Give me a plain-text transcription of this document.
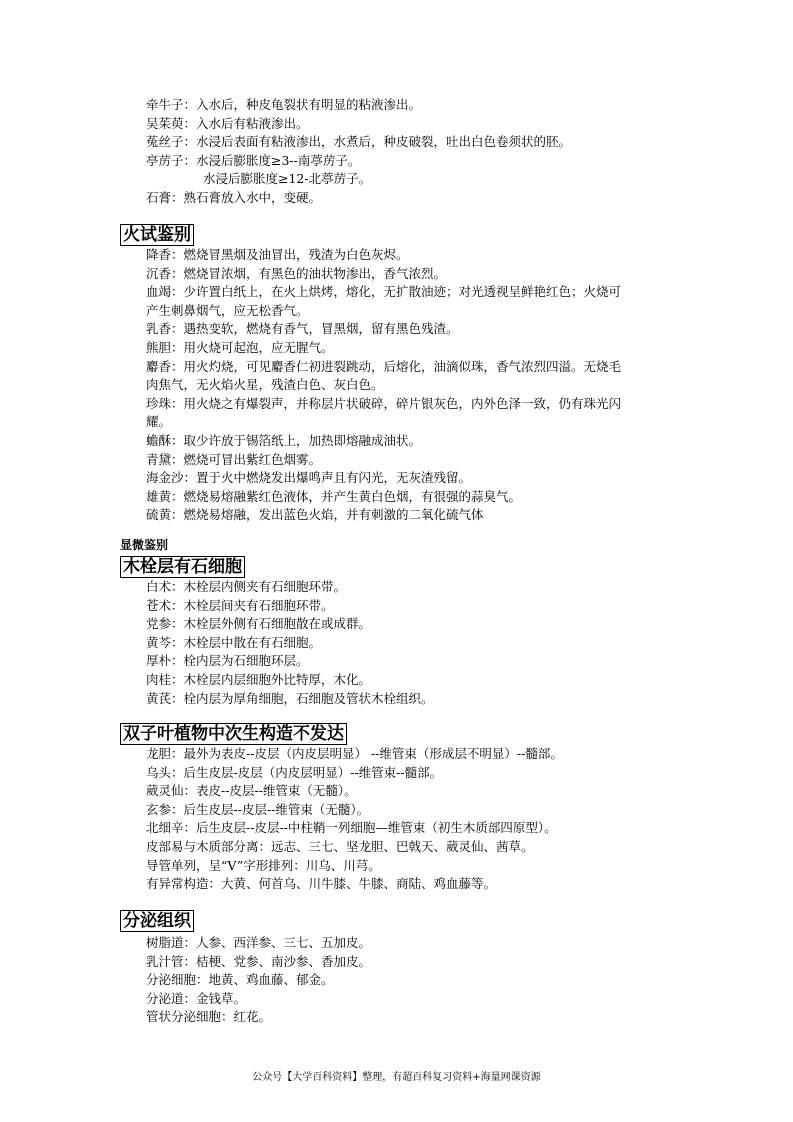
牵牛子：入水后，种皮龟裂状有明显的粘液渗出。
吴茱萸：入水后有粘液渗出。
菟丝子：水浸后表面有粘液渗出，水煮后，种皮破裂，吐出白色卷须状的胚。
亭苈子：水浸后膨胀度≥3--南葶苈子。
水浸后膨胀度≥12-北葶苈子。
石膏：熟石膏放入水中，变硬。
火试鉴别
降香：燃烧冒黑烟及油冒出，残渣为白色灰烬。
沉香：燃烧冒浓烟，有黑色的油状物渗出，香气浓烈。
血竭：少许置白纸上，在火上烘烤，熔化，无扩散油迹；对光透视呈鲜艳红色；火烧可
产生刺鼻烟气，应无松香气。
乳香：遇热变软，燃烧有香气，冒黑烟，留有黑色残渣。
熊胆：用火烧可起泡，应无腥气。
麝香：用火灼烧，可见麝香仁初进裂跳动，后熔化，油滴似珠，香气浓烈四溢。无烧毛
肉焦气，无火焰火星，残渣白色、灰白色。
珍珠：用火烧之有爆裂声，并称层片状破碎，碎片银灰色，内外色泽一致，仍有珠光闪
耀。
蟾酥：取少许放于锡箔纸上，加热即熔融成油状。
青黛：燃烧可冒出紫红色烟雾。
海金沙：置于火中燃烧发出爆鸣声且有闪光，无灰渣残留。
雄黄：燃烧易熔融紫红色液体，并产生黄白色烟，有很强的蒜臭气。
硫黄：燃烧易熔融，发出蓝色火焰，并有刺激的二氧化硫气体
显微鉴别
木栓层有石细胞
白术：木栓层内侧夹有石细胞环带。
苍术：木栓层间夹有石细胞环带。
党参：木栓层外侧有石细胞散在或成群。
黄芩：木栓层中散在有石细胞。
厚朴：栓内层为石细胞环层。
肉桂：木栓层内层细胞外比特厚，木化。
黄芪：栓内层为厚角细胞，石细胞及管状木栓组织。
双子叶植物中次生构造不发达
龙胆：最外为表皮--皮层（内皮层明显） --维管束（形成层不明显）--髓部。
乌头：后生皮层-皮层（内皮层明显）--维管束--髓部。
葳灵仙：表皮--皮层--维管束（无髓）。
玄参：后生皮层--皮层--维管束（无髓）。
北细辛：后生皮层--皮层--中柱鞘一列细胞—维管束（初生木质部四原型）。
皮部易与木质部分离：远志、三七、坚龙胆、巴戟天、葳灵仙、茜草。
导管单列，呈“V”字形排列：川乌、川芎。
有异常构造：大黄、何首乌、川牛膝、牛膝、商陆、鸡血藤等。
分泌组织
树脂道：人参、西洋参、三七、五加皮。
乳汁管：桔梗、党参、南沙参、香加皮。
分泌细胞：地黄、鸡血藤、郁金。
分泌道：金钱草。
管状分泌细胞：红花。
公众号【大学百科资料】整理，有超百科复习资料+海量网课资源
